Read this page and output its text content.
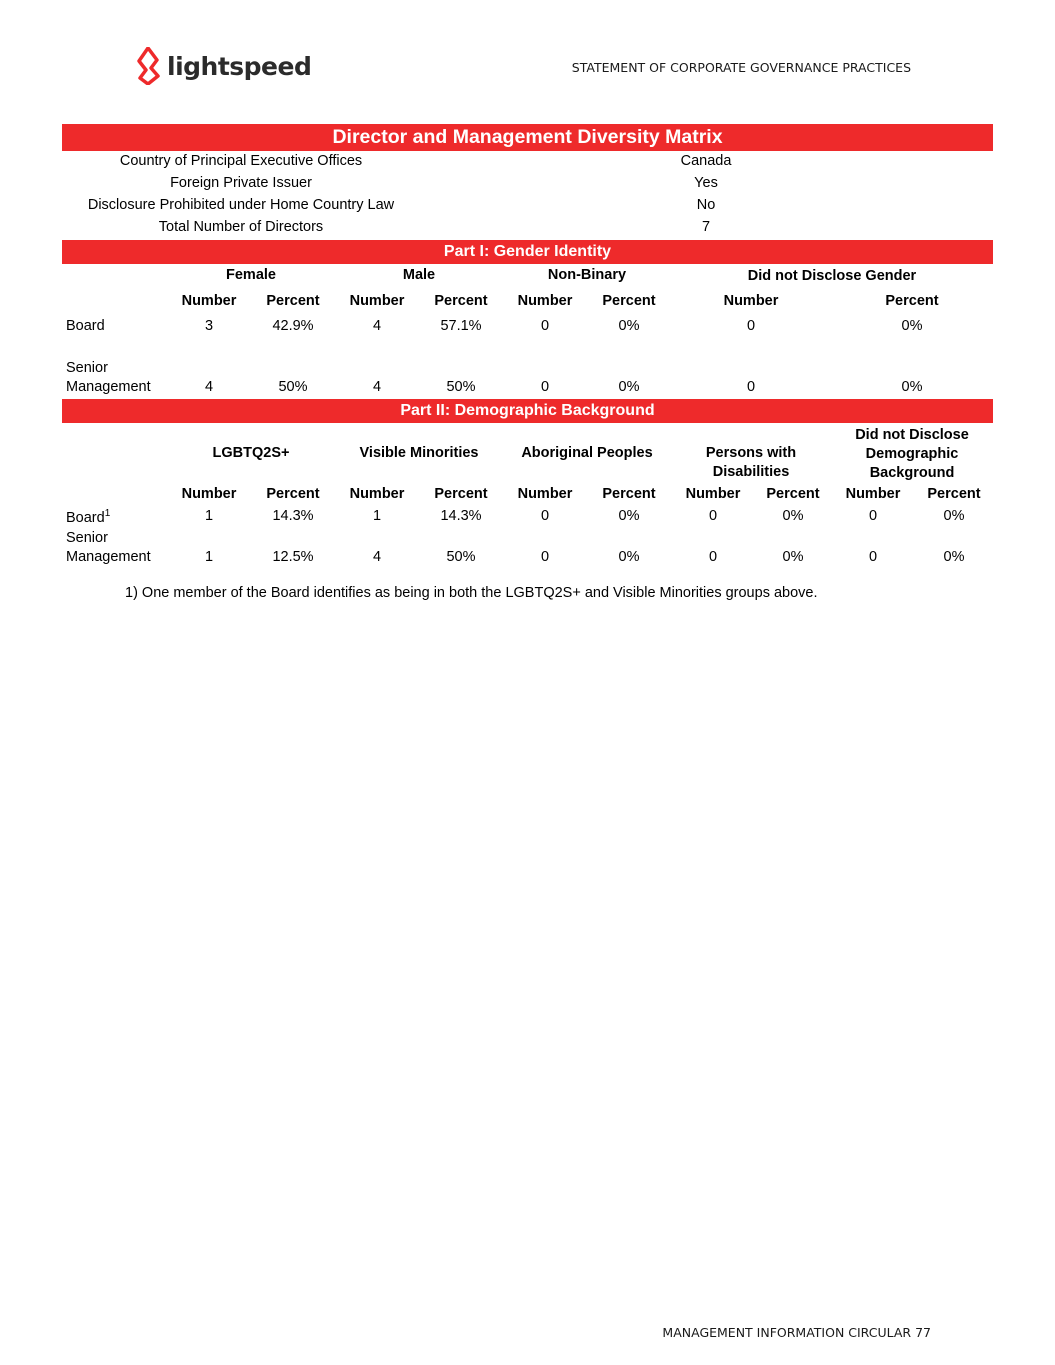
lightspeed	STATEMENT OF CORPORATE GOVERNANCE PRACTICES
Director and Management Diversity Matrix
Country of Principal Executive Offices	Canada
Foreign Private Issuer	Yes
Disclosure Prohibited under Home Country Law	No
Total Number of Directors	7
Part I: Gender Identity
Female	Male	Non-Binary	Did not Disclose Gender
Number	Percent	Number	Percent	Number	Percent	Number	Percent
Board	3	42.9%	4	57.1%	0	0%	0	0%
Senior
Management	4	50%	4	50%	0	0%	0	0%
Part II: Demographic Background
LGBTQ2S+	Visible Minorities	Aboriginal Peoples	Persons with Disabilities
Did not Disclose Demographic Background
Number	Percent	Number	Percent	Number	Percent	Number	Percent	Number	Percent
Board$^1$	1	14.3%	1	14.3%	0	0%	0	0%	0	0%
Senior
Management	1	12.5%	4	50%	0	0%	0	0%	0	0%
1) One member of the Board identifies as being in both the LGBTQ2S+ and Visible Minorities groups above.
MANAGEMENT INFORMATION CIRCULAR 77
